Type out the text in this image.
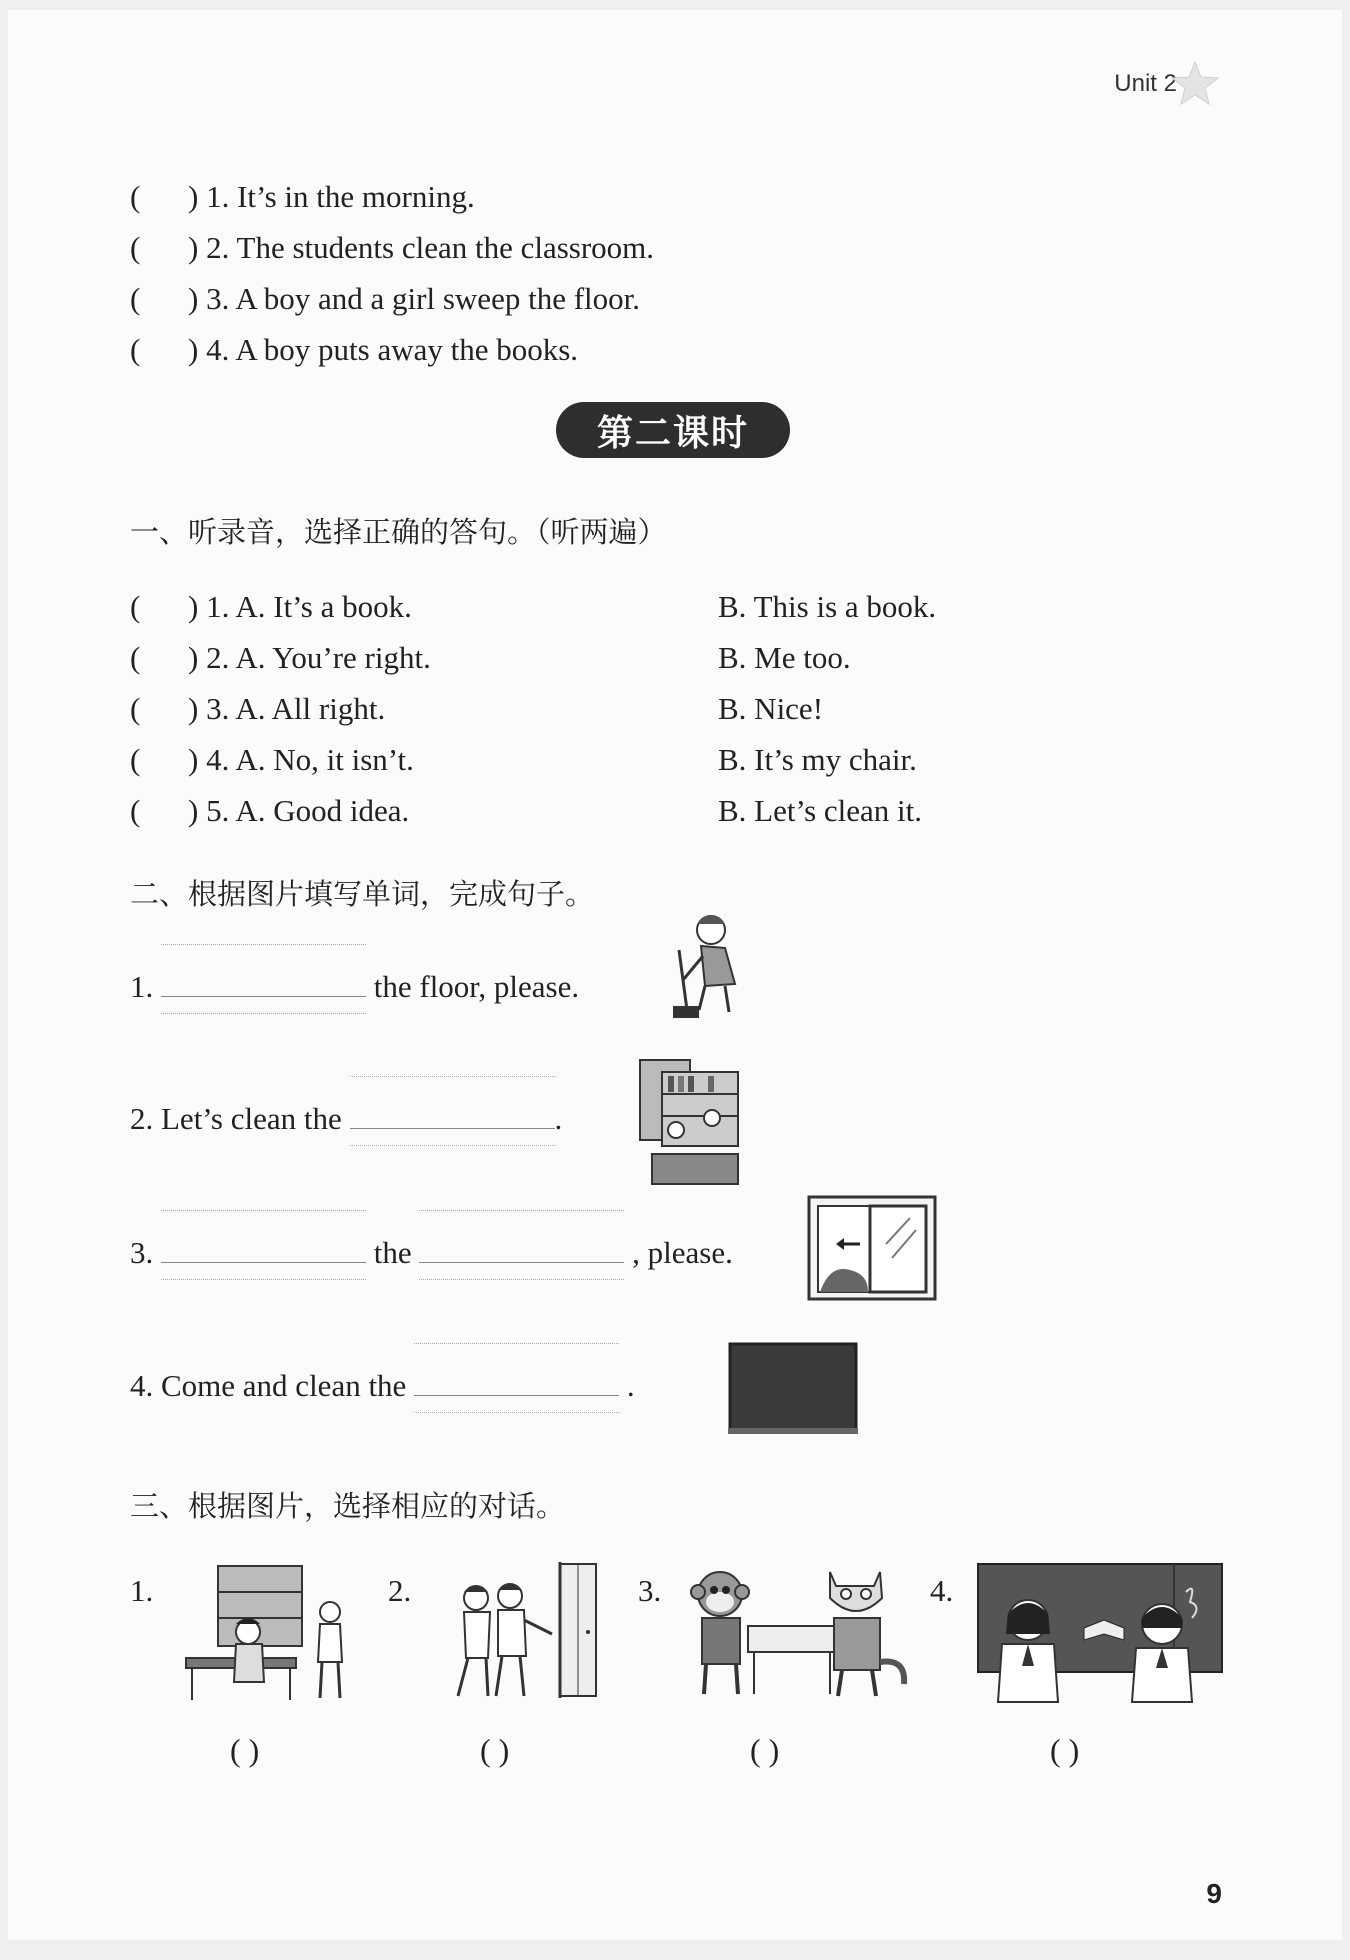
Unit 2
( ) 1. It’s in the morning.
( ) 2. The students clean the classroom.
( ) 3. A boy and a girl sweep the floor.
( ) 4. A boy puts away the books.
第二课时
一、听录音，选择正确的答句。（听两遍）
( ) 1. A. It’s a book.	B. This is a book.
( ) 2. A. You’re right.	B. Me too.
( ) 3. A. All right.	B. Nice!
( ) 4. A. No, it isn’t.	B. It’s my chair.
( ) 5. A. Good idea.	B. Let’s clean it.
二、根据图片填写单词，完成句子。
1.	the floor, please.
2. Let’s clean the	.
3.	the	, please.
4. Come and clean the	.
三、根据图片，选择相应的对话。
1.
( )
2.
( )
3.
( )
4.
( )
9
